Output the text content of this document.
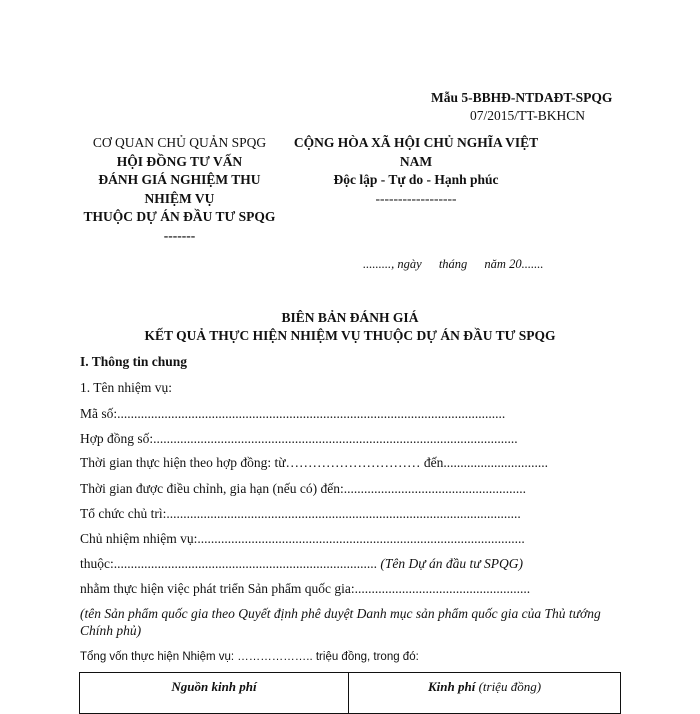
Mẫu 5-BBHĐ-NTDAĐT-SPQG
07/2015/TT-BKHCN
CƠ QUAN CHỦ QUẢN SPQG
HỘI ĐỒNG TƯ VẤN
ĐÁNH GIÁ NGHIỆM THU
NHIỆM VỤ
THUỘC DỰ ÁN ĐẦU TƯ SPQG
-------
CỘNG HÒA XÃ HỘI CHỦ NGHĨA VIỆT
NAM
Độc lập - Tự do - Hạnh phúc
------------------
........., ngày tháng năm 20.......
BIÊN BẢN ĐÁNH GIÁ
KẾT QUẢ THỰC HIỆN NHIỆM VỤ THUỘC DỰ ÁN ĐẦU TƯ SPQG
I. Thông tin chung
1. Tên nhiệm vụ:
Mã số:...................................................................................................................
Hợp đồng số:............................................................................................................
Thời gian thực hiện theo hợp đồng: từ………………………… đến...............................
Thời gian được điều chỉnh, gia hạn (nếu có) đến:......................................................
Tổ chức chủ trì:.........................................................................................................
Chủ nhiệm nhiệm vụ:.................................................................................................
thuộc:.............................................................................. (Tên Dự án đầu tư SPQG)
nhằm thực hiện việc phát triển Sản phẩm quốc gia:....................................................
(tên Sản phẩm quốc gia theo Quyết định phê duyệt Danh mục sản phẩm quốc gia của Thủ tướng
Chính phủ)
Tổng vốn thực hiện Nhiệm vụ: ……………….. triệu đồng, trong đó:
Nguồn kinh phí	Kinh phí (triệu đồng)
